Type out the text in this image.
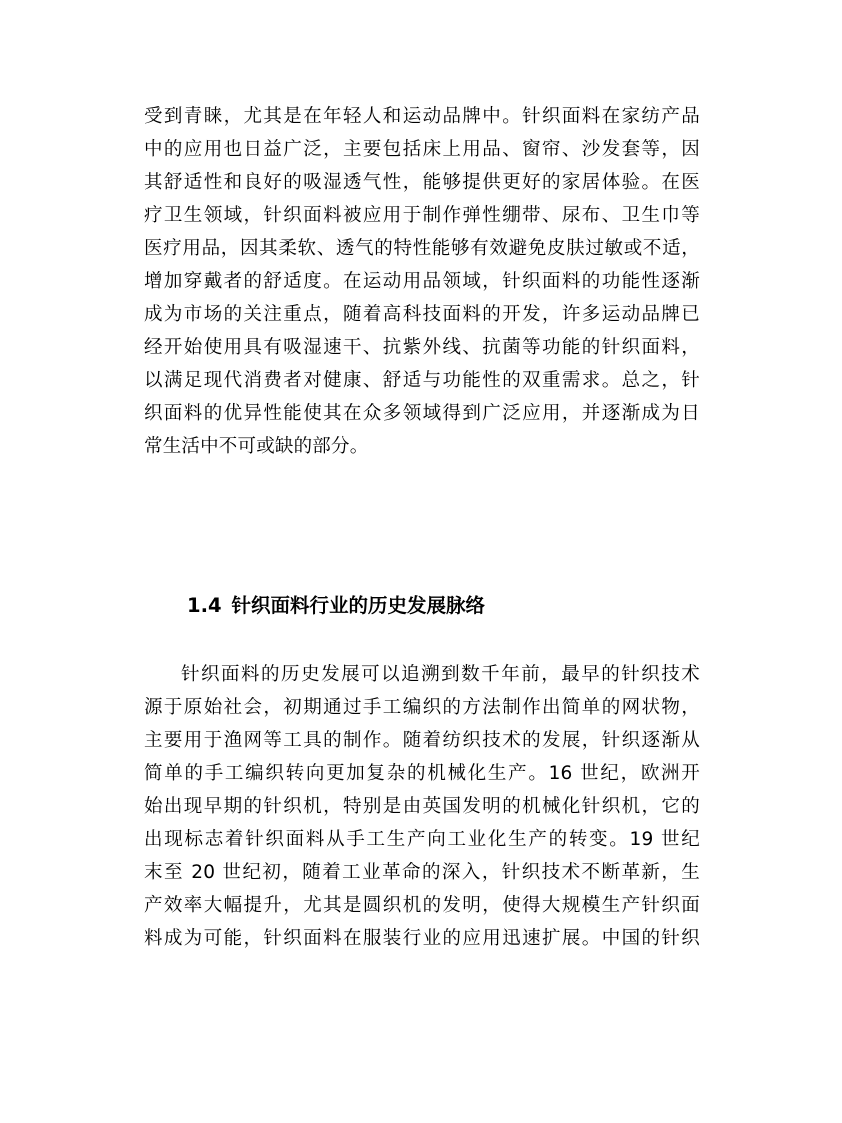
受到青睐，尤其是在年轻人和运动品牌中。针织面料在家纺产品
中的应用也日益广泛，主要包括床上用品、窗帘、沙发套等，因
其舒适性和良好的吸湿透气性，能够提供更好的家居体验。在医
疗卫生领域，针织面料被应用于制作弹性绷带、尿布、卫生巾等
医疗用品，因其柔软、透气的特性能够有效避免皮肤过敏或不适，
增加穿戴者的舒适度。在运动用品领域，针织面料的功能性逐渐
成为市场的关注重点，随着高科技面料的开发，许多运动品牌已
经开始使用具有吸湿速干、抗紫外线、抗菌等功能的针织面料，
以满足现代消费者对健康、舒适与功能性的双重需求。总之，针
织面料的优异性能使其在众多领域得到广泛应用，并逐渐成为日
常生活中不可或缺的部分。
1.4 针织面料行业的历史发展脉络
针织面料的历史发展可以追溯到数千年前，最早的针织技术
源于原始社会，初期通过手工编织的方法制作出简单的网状物，
主要用于渔网等工具的制作。随着纺织技术的发展，针织逐渐从
简单的手工编织转向更加复杂的机械化生产。16 世纪，欧洲开
始出现早期的针织机，特别是由英国发明的机械化针织机，它的
出现标志着针织面料从手工生产向工业化生产的转变。19 世纪
末至 20 世纪初，随着工业革命的深入，针织技术不断革新，生
产效率大幅提升，尤其是圆织机的发明，使得大规模生产针织面
料成为可能，针织面料在服装行业的应用迅速扩展。中国的针织
